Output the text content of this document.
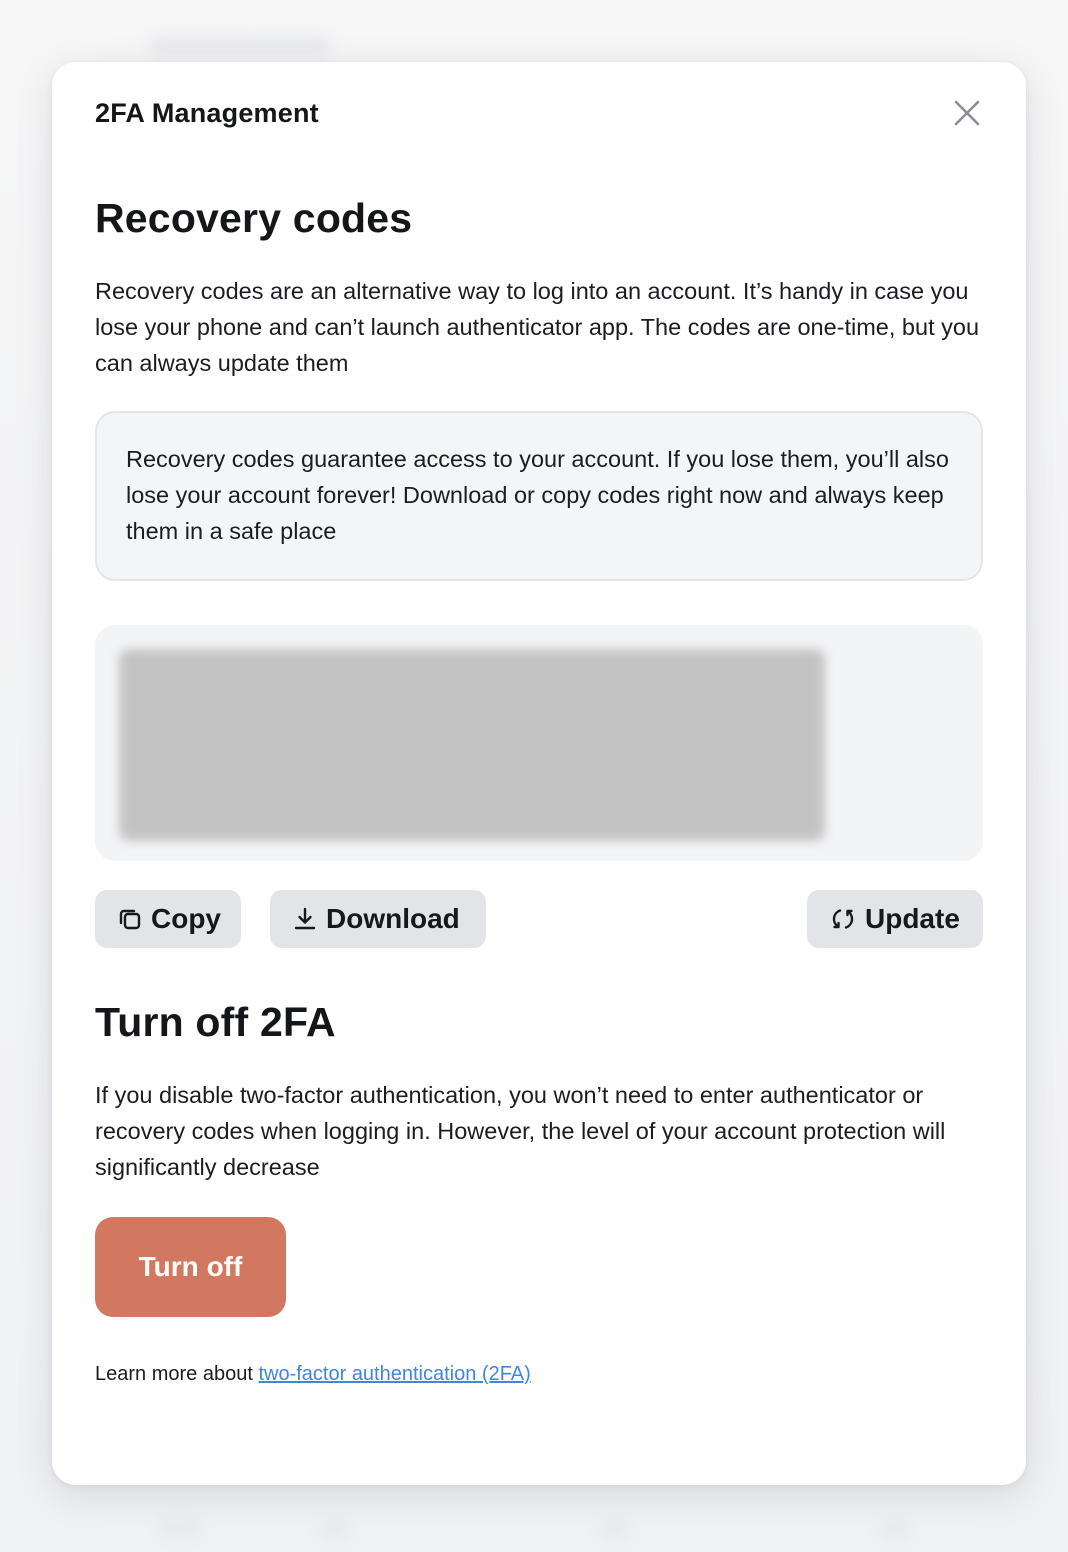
2FA Management
Recovery codes

Recovery codes are an alternative way to log into an account. It’s handy in case you lose your phone and can’t launch authenticator app. The codes are one-time, but you can always update them

Recovery codes guarantee access to your account. If you lose them, you’ll also lose your account forever! Download or copy codes right now and always keep them in a safe place
Copy	Download	Update
Turn off 2FA

If you disable two-factor authentication, you won’t need to enter authenticator or recovery codes when logging in. However, the level of your account protection will significantly decrease

Turn off

Learn more about two-factor authentication (2FA)
